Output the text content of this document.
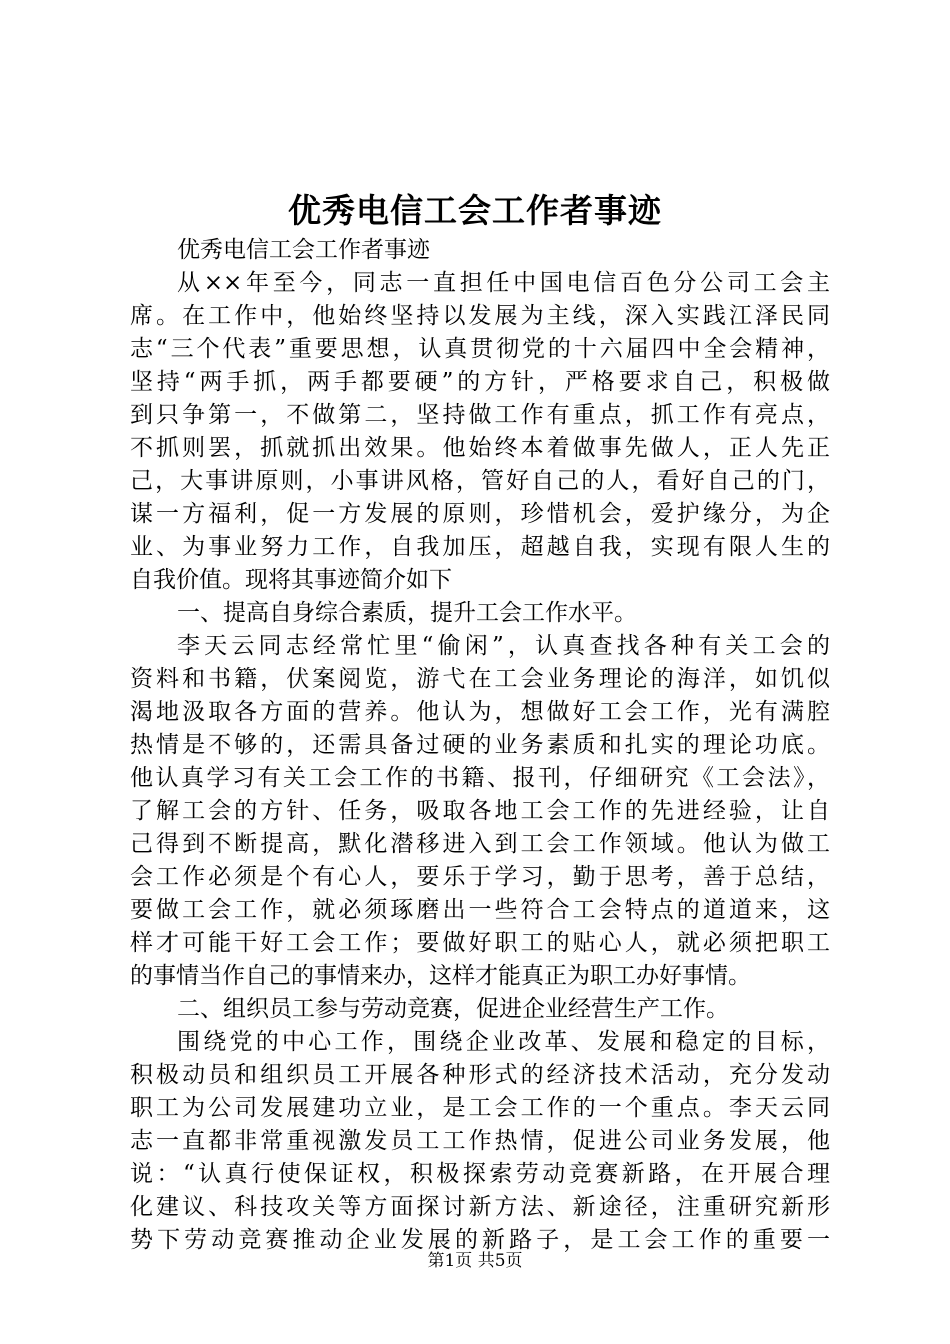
优秀电信工会工作者事迹
优秀电信工会工作者事迹
从××年至今，同志一直担任中国电信百色分公司工会主
席。在工作中，他始终坚持以发展为主线，深入实践江泽民同
志“三个代表”重要思想，认真贯彻党的十六届四中全会精神，
坚持“两手抓，两手都要硬”的方针，严格要求自己，积极做
到只争第一，不做第二，坚持做工作有重点，抓工作有亮点，
不抓则罢，抓就抓出效果。他始终本着做事先做人，正人先正
己，大事讲原则，小事讲风格，管好自己的人，看好自己的门，
谋一方福利，促一方发展的原则，珍惜机会，爱护缘分，为企
业、为事业努力工作，自我加压，超越自我，实现有限人生的
自我价值。现将其事迹简介如下
一、提高自身综合素质，提升工会工作水平。
李天云同志经常忙里“偷闲”，认真查找各种有关工会的
资料和书籍，伏案阅览，游弋在工会业务理论的海洋，如饥似
渴地汲取各方面的营养。他认为，想做好工会工作，光有满腔
热情是不够的，还需具备过硬的业务素质和扎实的理论功底。
他认真学习有关工会工作的书籍、报刊，仔细研究《工会法》，
了解工会的方针、任务，吸取各地工会工作的先进经验，让自
己得到不断提高，默化潜移进入到工会工作领域。他认为做工
会工作必须是个有心人，要乐于学习，勤于思考，善于总结，
要做工会工作，就必须琢磨出一些符合工会特点的道道来，这
样才可能干好工会工作；要做好职工的贴心人，就必须把职工
的事情当作自己的事情来办，这样才能真正为职工办好事情。
二、组织员工参与劳动竞赛，促进企业经营生产工作。
围绕党的中心工作，围绕企业改革、发展和稳定的目标，
积极动员和组织员工开展各种形式的经济技术活动，充分发动
职工为公司发展建功立业，是工会工作的一个重点。李天云同
志一直都非常重视激发员工工作热情，促进公司业务发展，他
说：“认真行使保证权，积极探索劳动竞赛新路，在开展合理
化建议、科技攻关等方面探讨新方法、新途径，注重研究新形
势下劳动竞赛推动企业发展的新路子，是工会工作的重要一
第1页 共5页
